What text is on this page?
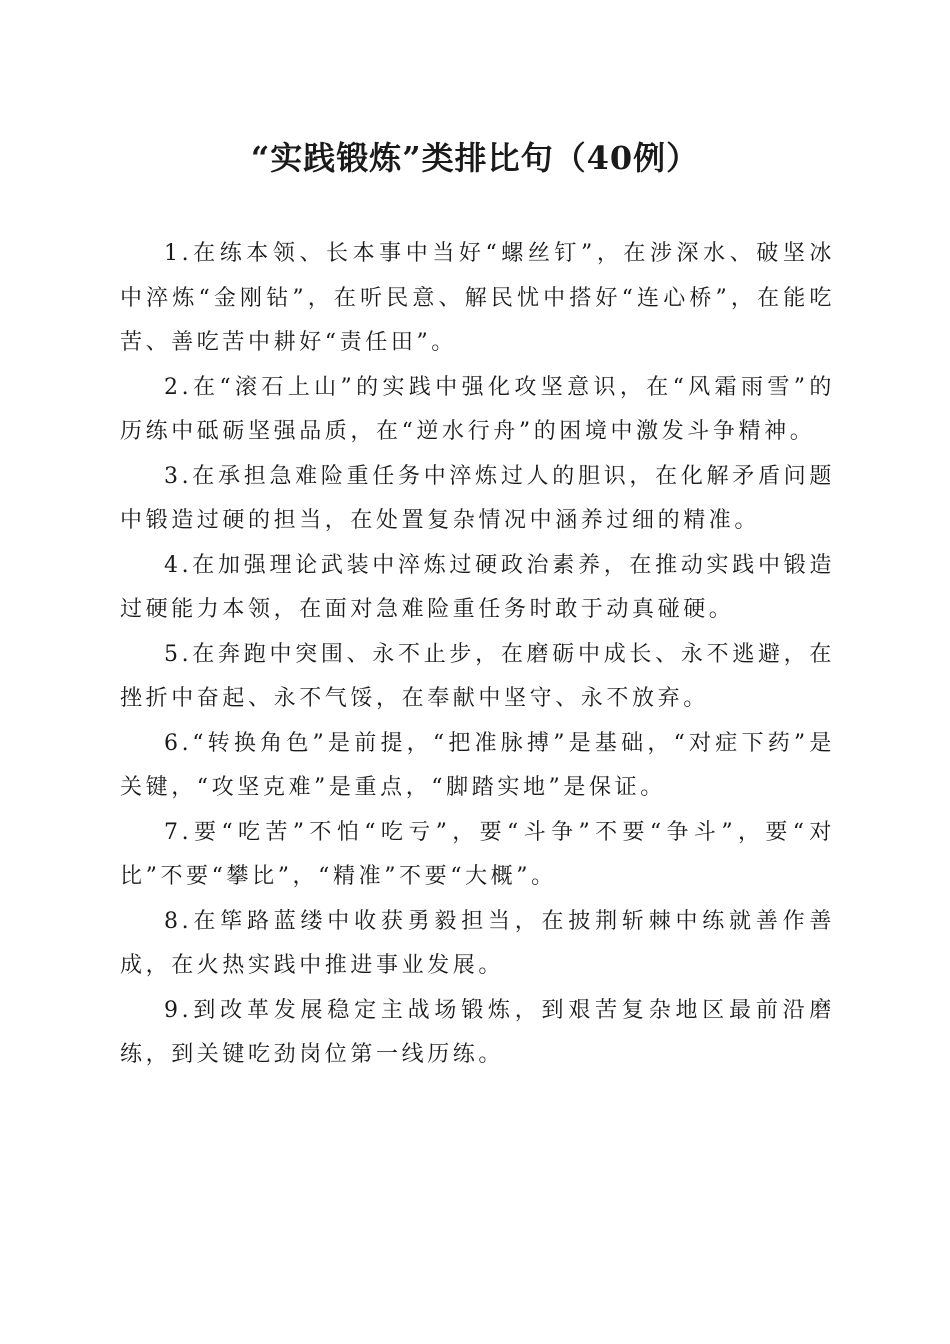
“实践锻炼”类排比句（40例）

1.在练本领、长本事中当好“螺丝钉”，在涉深水、破坚冰中淬炼“金刚钻”，在听民意、解民忧中搭好“连心桥”，在能吃苦、善吃苦中耕好“责任田”。

2.在“滚石上山”的实践中强化攻坚意识，在“风霜雨雪”的历练中砥砺坚强品质，在“逆水行舟”的困境中激发斗争精神。

3.在承担急难险重任务中淬炼过人的胆识，在化解矛盾问题中锻造过硬的担当，在处置复杂情况中涵养过细的精准。

4.在加强理论武装中淬炼过硬政治素养，在推动实践中锻造过硬能力本领，在面对急难险重任务时敢于动真碰硬。

5.在奔跑中突围、永不止步，在磨砺中成长、永不逃避，在挫折中奋起、永不气馁，在奉献中坚守、永不放弃。

6.“转换角色”是前提，“把准脉搏”是基础，“对症下药”是关键，“攻坚克难”是重点，“脚踏实地”是保证。

7.要“吃苦”不怕“吃亏”，要“斗争”不要“争斗”，要“对比”不要“攀比”，“精准”不要“大概”。

8.在筚路蓝缕中收获勇毅担当，在披荆斩棘中练就善作善成，在火热实践中推进事业发展。

9.到改革发展稳定主战场锻炼，到艰苦复杂地区最前沿磨练，到关键吃劲岗位第一线历练。
